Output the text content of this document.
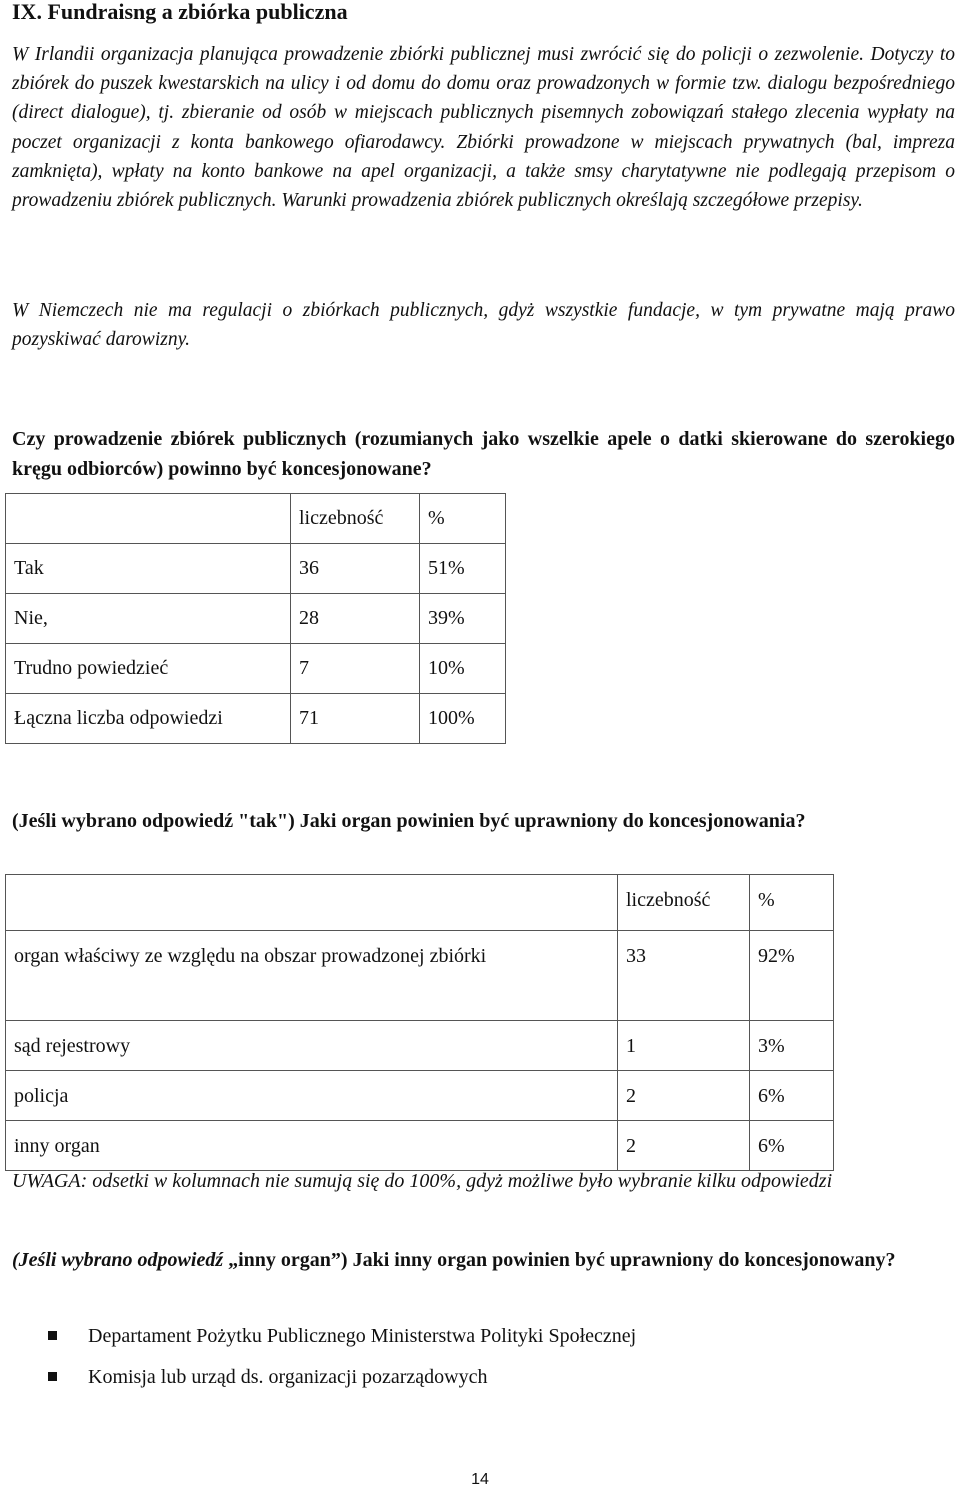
IX. Fundraisng a zbiórka publiczna

W Irlandii organizacja planująca prowadzenie zbiórki publicznej musi zwrócić się do policji o zezwolenie. Dotyczy to zbiórek do puszek kwestarskich na ulicy i od domu do domu oraz prowadzonych w formie tzw. dialogu bezpośredniego (direct dialogue), tj. zbieranie od osób w miejscach publicznych pisemnych zobowiązań stałego zlecenia wypłaty na poczet organizacji z konta bankowego ofiarodawcy. Zbiórki prowadzone w miejscach prywatnych (bal, impreza zamknięta), wpłaty na konto bankowe na apel organizacji, a także smsy charytatywne nie podlegają przepisom o prowadzeniu zbiórek publicznych. Warunki prowadzenia zbiórek publicznych określają szczegółowe przepisy.

W Niemczech nie ma regulacji o zbiórkach publicznych, gdyż wszystkie fundacje, w tym prywatne mają prawo pozyskiwać darowizny.

Czy prowadzenie zbiórek publicznych (rozumianych jako wszelkie apele o datki skierowane do szerokiego kręgu odbiorców) powinno być koncesjonowane?

	liczebność	%
Tak	36	51%
Nie,	28	39%
Trudno powiedzieć	7	10%
Łączna liczba odpowiedzi	71	100%

(Jeśli wybrano odpowiedź "tak") Jaki organ powinien być uprawniony do koncesjonowania?

	liczebność	%
organ właściwy ze względu na obszar prowadzonej zbiórki	33	92%
sąd rejestrowy	1	3%
policja	2	6%
inny organ	2	6%

UWAGA: odsetki w kolumnach nie sumują się do 100%, gdyż możliwe było wybranie kilku odpowiedzi

(Jeśli wybrano odpowiedź „inny organ”) Jaki inny organ powinien być uprawniony do koncesjonowany?

Departament Pożytku Publicznego Ministerstwa Polityki Społecznej
Komisja lub urząd ds. organizacji pozarządowych
14
